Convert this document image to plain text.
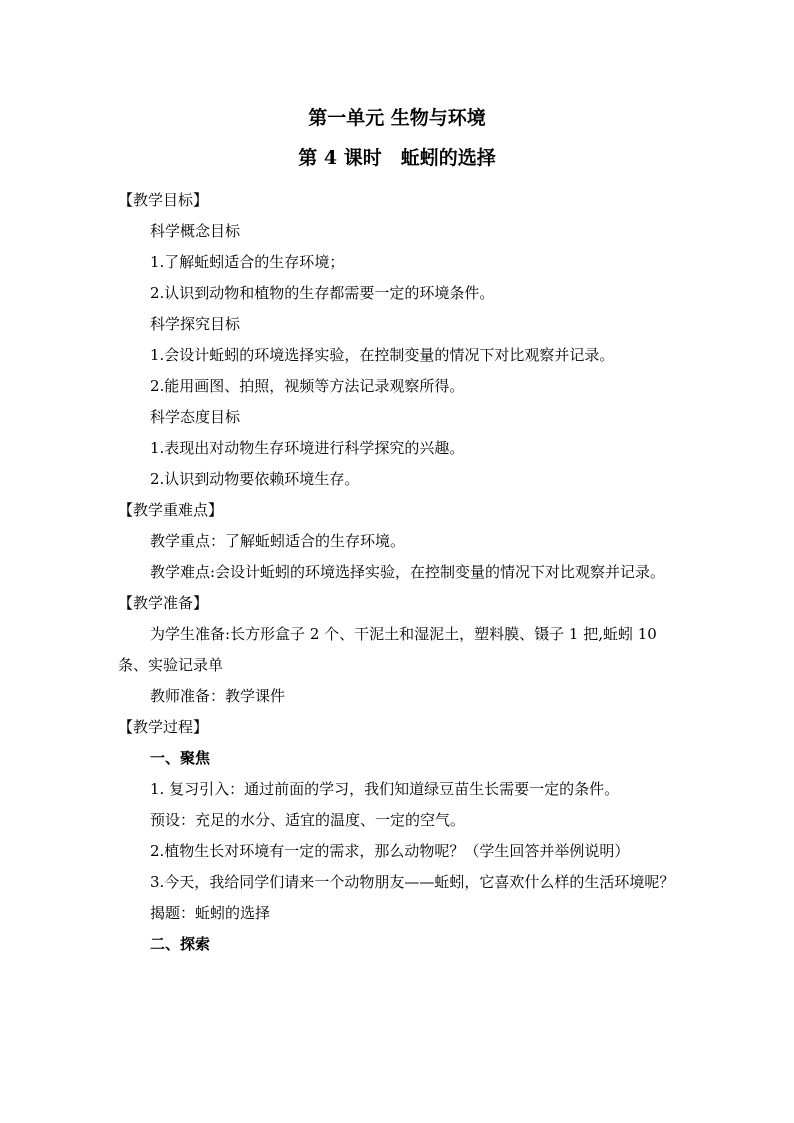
第一单元 生物与环境
第 4 课时　蚯蚓的选择
【教学目标】
科学概念目标
1.了解蚯蚓适合的生存环境；
2.认识到动物和植物的生存都需要一定的环境条件。
科学探究目标
1.会设计蚯蚓的环境选择实验，在控制变量的情况下对比观察并记录。
2.能用画图、拍照，视频等方法记录观察所得。
科学态度目标
1.表现出对动物生存环境进行科学探究的兴趣。
2.认识到动物要依赖环境生存。
【教学重难点】
教学重点：了解蚯蚓适合的生存环境。
教学难点:会设计蚯蚓的环境选择实验，在控制变量的情况下对比观察并记录。
【教学准备】
为学生准备:长方形盒子 2 个、干泥土和湿泥土，塑料膜、镊子 1 把,蚯蚓 10 条、实验记录单
教师准备：教学课件
【教学过程】
一、聚焦
1. 复习引入：通过前面的学习，我们知道绿豆苗生长需要一定的条件。
预设：充足的水分、适宜的温度、一定的空气。
2.植物生长对环境有一定的需求，那么动物呢？（学生回答并举例说明）
3.今天，我给同学们请来一个动物朋友——蚯蚓，它喜欢什么样的生活环境呢？
揭题：蚯蚓的选择
二、探索
